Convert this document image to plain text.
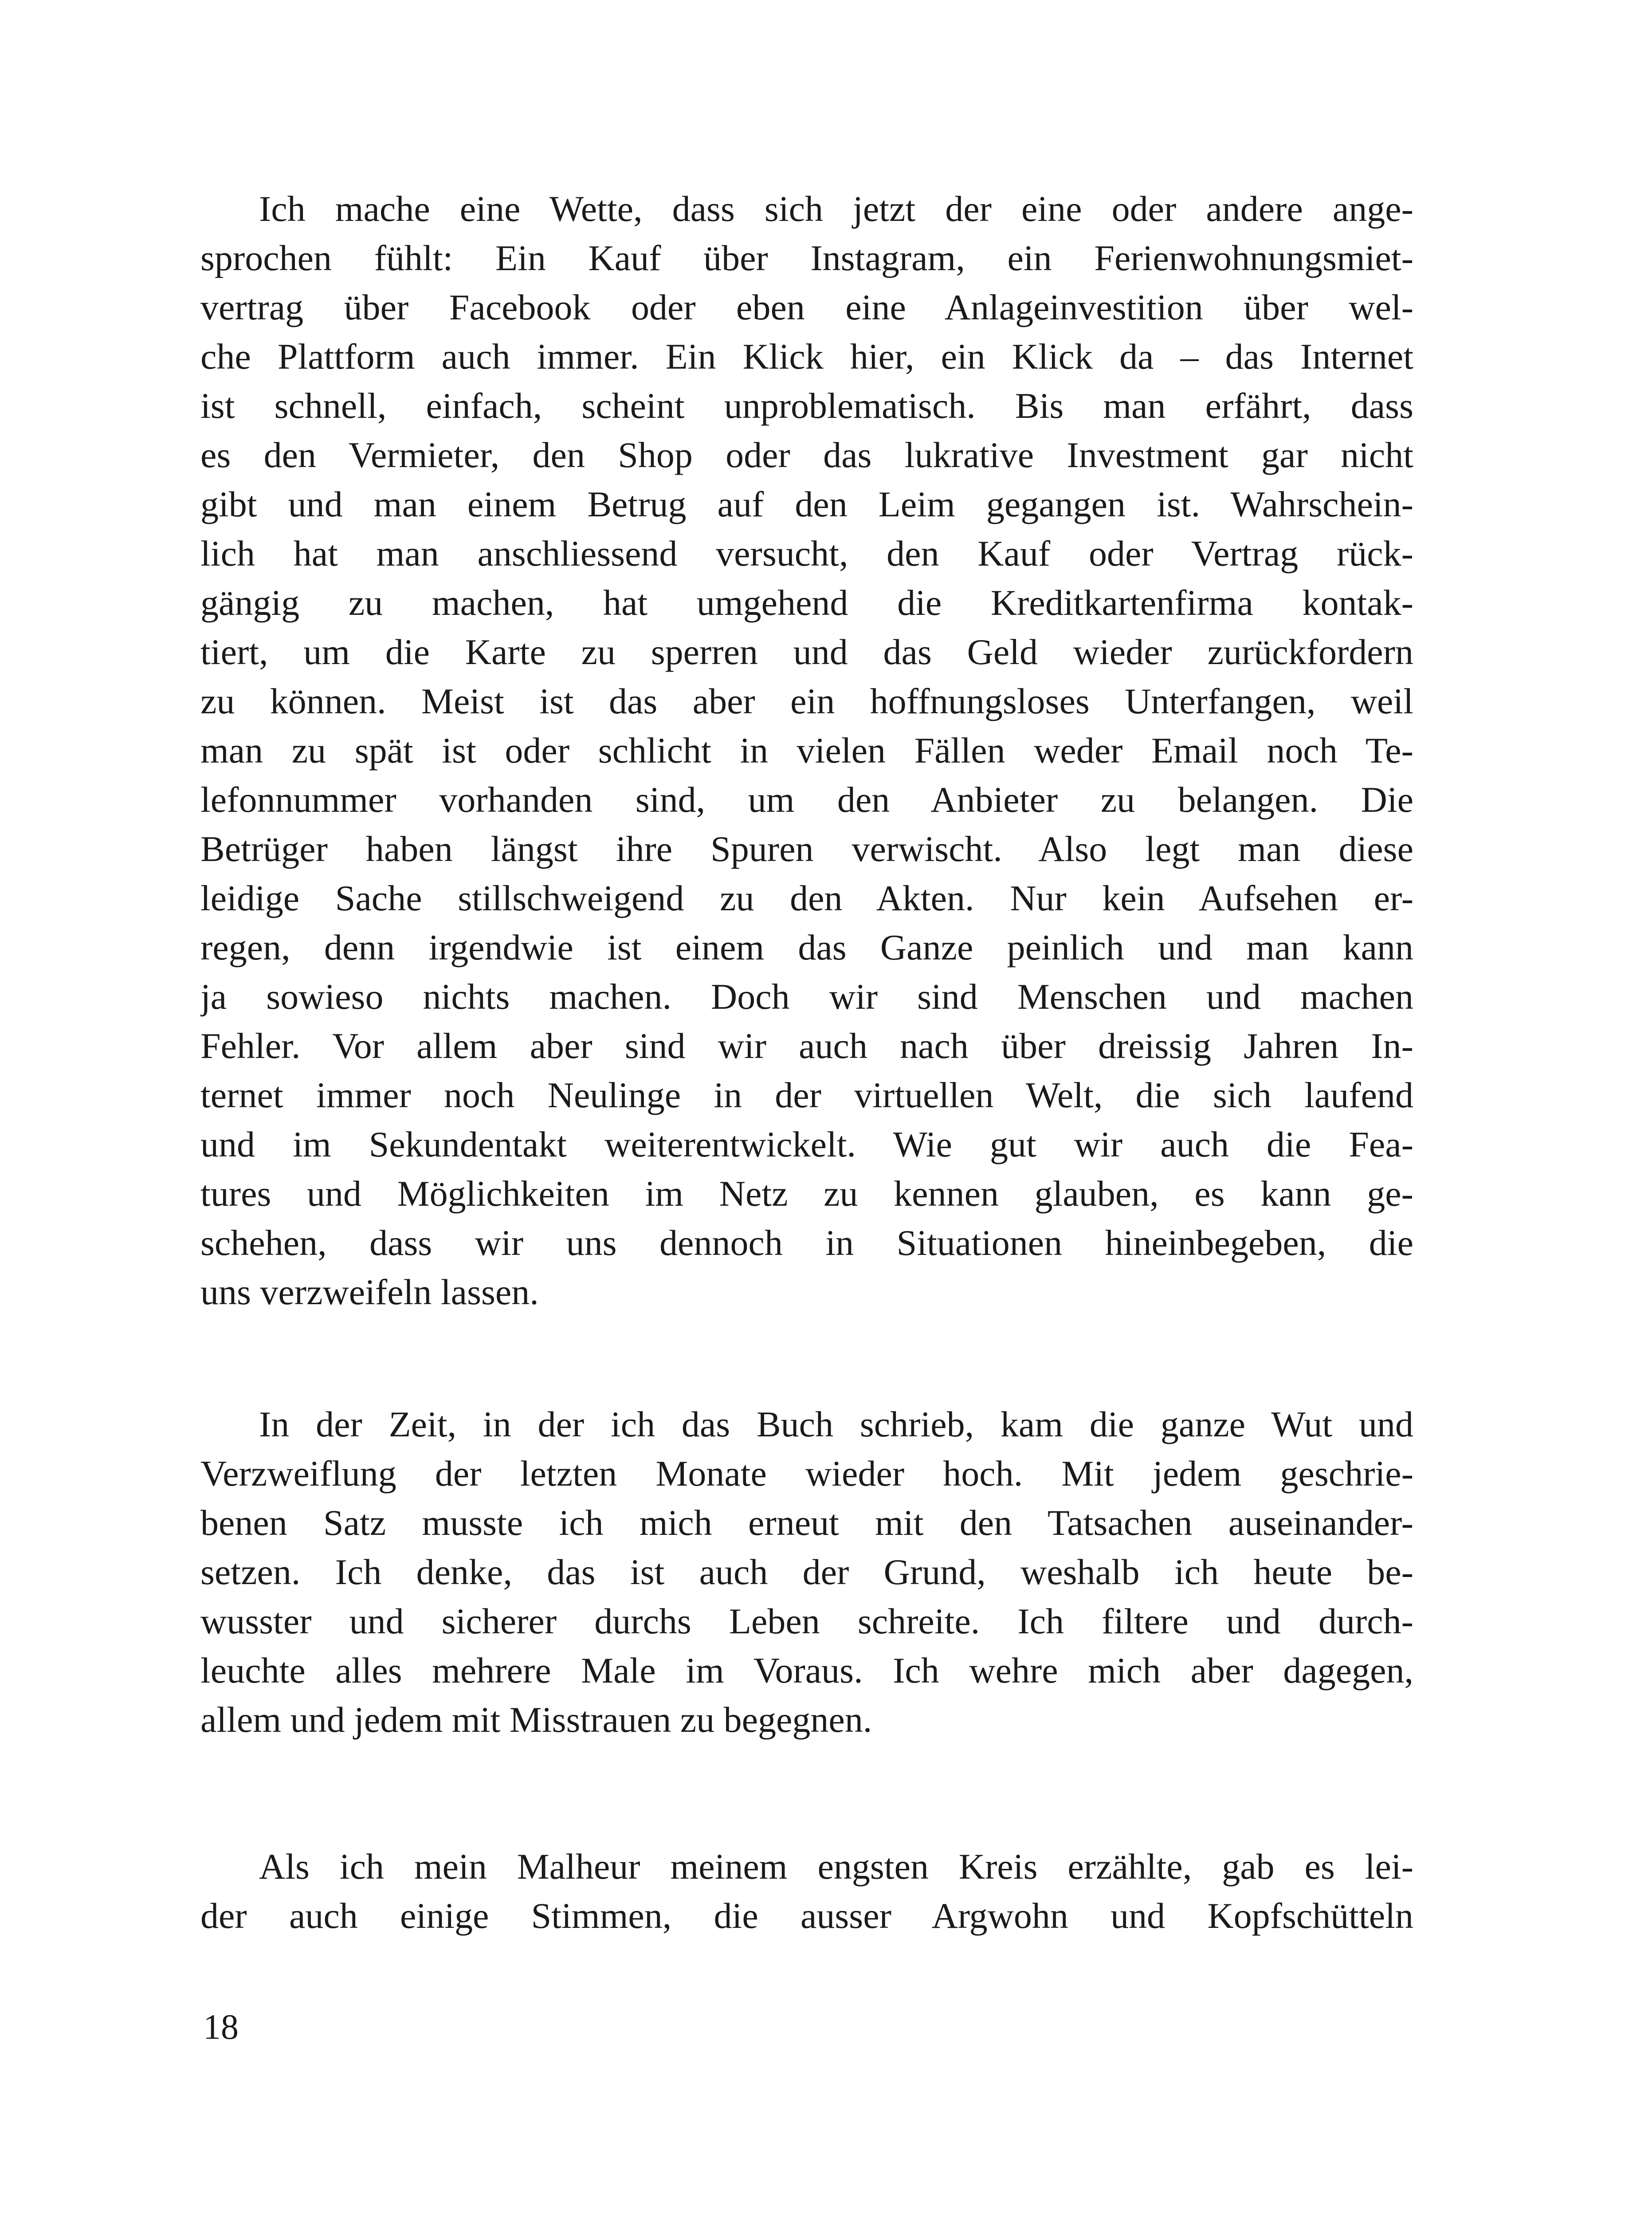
Ich mache eine Wette, dass sich jetzt der eine oder andere ange-
sprochen fühlt: Ein Kauf über Instagram, ein Ferienwohnungsmiet-
vertrag über Facebook oder eben eine Anlageinvestition über wel-
che Plattform auch immer. Ein Klick hier, ein Klick da – das Internet
ist schnell, einfach, scheint unproblematisch. Bis man erfährt, dass
es den Vermieter, den Shop oder das lukrative Investment gar nicht
gibt und man einem Betrug auf den Leim gegangen ist. Wahrschein-
lich hat man anschliessend versucht, den Kauf oder Vertrag rück-
gängig zu machen, hat umgehend die Kreditkartenfirma kontak-
tiert, um die Karte zu sperren und das Geld wieder zurückfordern
zu können. Meist ist das aber ein hoffnungsloses Unterfangen, weil
man zu spät ist oder schlicht in vielen Fällen weder Email noch Te-
lefonnummer vorhanden sind, um den Anbieter zu belangen. Die
Betrüger haben längst ihre Spuren verwischt. Also legt man diese
leidige Sache stillschweigend zu den Akten. Nur kein Aufsehen er-
regen, denn irgendwie ist einem das Ganze peinlich und man kann
ja sowieso nichts machen. Doch wir sind Menschen und machen
Fehler. Vor allem aber sind wir auch nach über dreissig Jahren In-
ternet immer noch Neulinge in der virtuellen Welt, die sich laufend
und im Sekundentakt weiterentwickelt. Wie gut wir auch die Fea-
tures und Möglichkeiten im Netz zu kennen glauben, es kann ge-
schehen, dass wir uns dennoch in Situationen hineinbegeben, die
uns verzweifeln lassen.
In der Zeit, in der ich das Buch schrieb, kam die ganze Wut und
Verzweiflung der letzten Monate wieder hoch. Mit jedem geschrie-
benen Satz musste ich mich erneut mit den Tatsachen auseinander-
setzen. Ich denke, das ist auch der Grund, weshalb ich heute be-
wusster und sicherer durchs Leben schreite. Ich filtere und durch-
leuchte alles mehrere Male im Voraus. Ich wehre mich aber dagegen,
allem und jedem mit Misstrauen zu begegnen.
Als ich mein Malheur meinem engsten Kreis erzählte, gab es lei-
der auch einige Stimmen, die ausser Argwohn und Kopfschütteln
18
